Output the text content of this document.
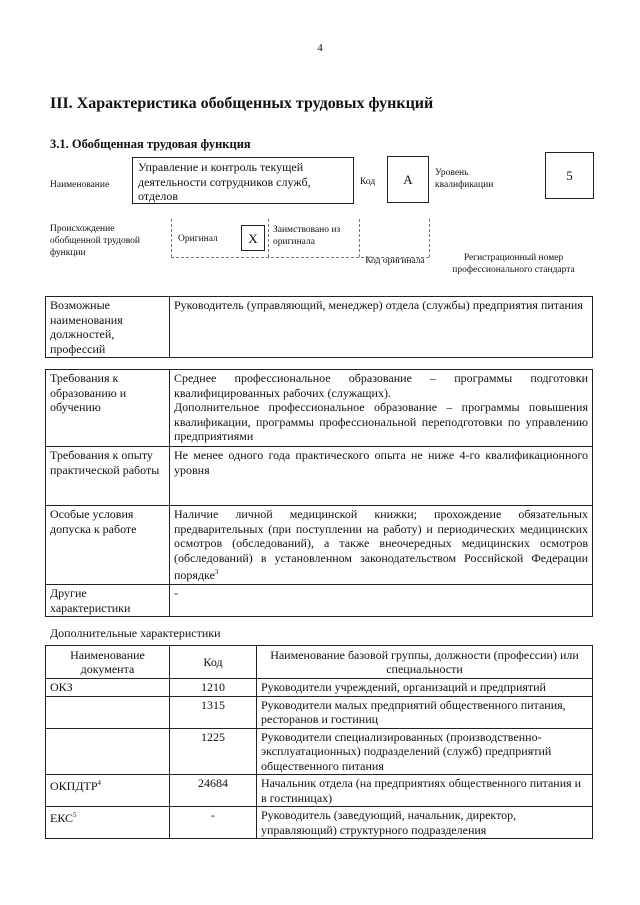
4
III. Характеристика обобщенных трудовых функций
3.1. Обобщенная трудовая функция
Наименование
Управление и контроль текущей деятельности сотрудников служб, отделов
Код	А	Уровень квалификации
5
Происхождение обобщенной трудовой функции
Оригинал	X
Заимствовано из оригинала
Код оригинала	Регистрационный номер профессионального стандарта
Возможные наименования должностей, профессий	Руководитель (управляющий, менеджер) отдела (службы) предприятия питания
Требования к образованию и обучению	Среднее профессиональное образование – программы подготовки квалифицированных рабочих (служащих).
Дополнительное профессиональное образование – программы повышения квалификации, программы профессиональной переподготовки по управлению предприятиями

Требования к опыту практической работы	Не менее одного года практического опыта не ниже 4-го квалификационного уровня
Особые условия допуска к работе	Наличие личной медицинской книжки; прохождение обязательных предварительных (при поступлении на работу) и периодических медицинских осмотров (обследований), а также внеочередных медицинских осмотров (обследований) в установленном законодательством Российской Федерации порядке$^3$
Другие характеристики	-
Дополнительные характеристики
Наименование документа	Код	Наименование базовой группы, должности (профессии) или специальности
ОКЗ	1210	Руководители учреждений, организаций и предприятий
	1315	Руководители малых предприятий общественного питания, ресторанов и гостиниц
	1225	Руководители специализированных (производственно-эксплуатационных) подразделений (служб) предприятий общественного питания
ОКПДТР$^4$	24684	Начальник отдела (на предприятиях общественного питания и в гостиницах)
ЕКС$^5$	-	Руководитель (заведующий, начальник, директор, управляющий) структурного подразделения
